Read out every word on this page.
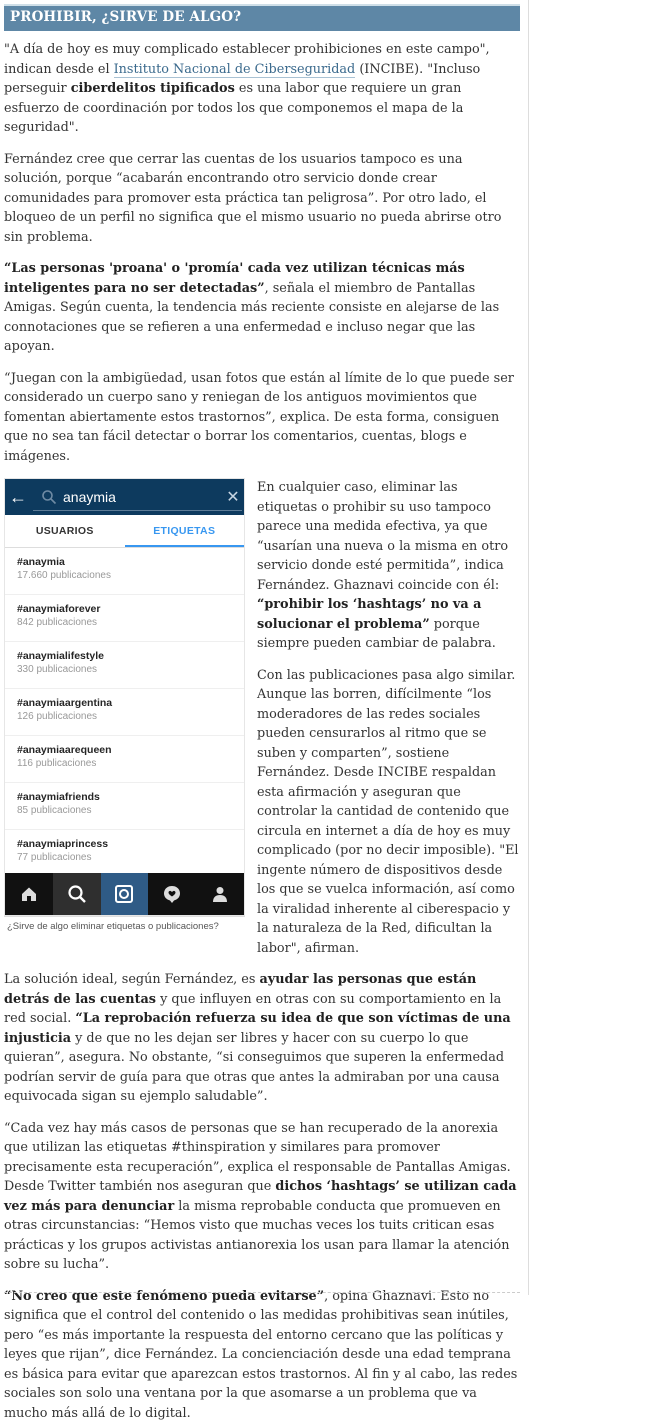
PROHIBIR, ¿SIRVE DE ALGO?

"A día de hoy es muy complicado establecer prohibiciones en este campo", indican desde el Instituto Nacional de Ciberseguridad (INCIBE). "Incluso perseguir ciberdelitos tipificados es una labor que requiere un gran esfuerzo de coordinación por todos los que componemos el mapa de la seguridad".

Fernández cree que cerrar las cuentas de los usuarios tampoco es una solución, porque “acabarán encontrando otro servicio donde crear comunidades para promover esta práctica tan peligrosa”. Por otro lado, el bloqueo de un perfil no significa que el mismo usuario no pueda abrirse otro sin problema.

“Las personas 'proana' o 'promía' cada vez utilizan técnicas más inteligentes para no ser detectadas”, señala el miembro de Pantallas Amigas. Según cuenta, la tendencia más reciente consiste en alejarse de las connotaciones que se refieren a una enfermedad e incluso negar que las apoyan.

“Juegan con la ambigüedad, usan fotos que están al límite de lo que puede ser considerado un cuerpo sano y reniegan de los antiguos movimientos que fomentan abiertamente estos trastornos”, explica. De esta forma, consiguen que no sea tan fácil detectar o borrar los comentarios, cuentas, blogs e imágenes.

←	anaymia	✕
USUARIOS	ETIQUETAS
#anaymia
17.660 publicaciones
#anaymiaforever
842 publicaciones
#anaymialifestyle
330 publicaciones
#anaymiaargentina
126 publicaciones
#anaymiaarequeen
116 publicaciones
#anaymiafriends
85 publicaciones
#anaymiaprincess
77 publicaciones
¿Sirve de algo eliminar etiquetas o publicaciones?

En cualquier caso, eliminar las etiquetas o prohibir su uso tampoco parece una medida efectiva, ya que “usarían una nueva o la misma en otro servicio donde esté permitida”, indica Fernández. Ghaznavi coincide con él: “prohibir los ‘hashtags’ no va a solucionar el problema” porque siempre pueden cambiar de palabra.

Con las publicaciones pasa algo similar. Aunque las borren, difícilmente “los moderadores de las redes sociales pueden censurarlos al ritmo que se suben y comparten”, sostiene Fernández. Desde INCIBE respaldan esta afirmación y aseguran que controlar la cantidad de contenido que circula en internet a día de hoy es muy complicado (por no decir imposible). "El ingente número de dispositivos desde los que se vuelca información, así como la viralidad inherente al ciberespacio y la naturaleza de la Red, dificultan la labor", afirman.

La solución ideal, según Fernández, es ayudar las personas que están detrás de las cuentas y que influyen en otras con su comportamiento en la red social. “La reprobación refuerza su idea de que son víctimas de una injusticia y de que no les dejan ser libres y hacer con su cuerpo lo que quieran”, asegura. No obstante, “si conseguimos que superen la enfermedad podrían servir de guía para que otras que antes la admiraban por una causa equivocada sigan su ejemplo saludable”.

“Cada vez hay más casos de personas que se han recuperado de la anorexia que utilizan las etiquetas #thinspiration y similares para promover precisamente esta recuperación”, explica el responsable de Pantallas Amigas. Desde Twitter también nos aseguran que dichos ‘hashtags’ se utilizan cada vez más para denunciar la misma reprobable conducta que promueven en otras circunstancias: “Hemos visto que muchas veces los tuits critican esas prácticas y los grupos activistas antianorexia los usan para llamar la atención sobre su lucha”.

“No creo que este fenómeno pueda evitarse”, opina Ghaznavi. Esto no significa que el control del contenido o las medidas prohibitivas sean inútiles, pero “es más importante la respuesta del entorno cercano que las políticas y leyes que rijan”, dice Fernández. La concienciación desde una edad temprana es básica para evitar que aparezcan estos trastornos. Al fin y al cabo, las redes sociales son solo una ventana por la que asomarse a un problema que va mucho más allá de lo digital.
